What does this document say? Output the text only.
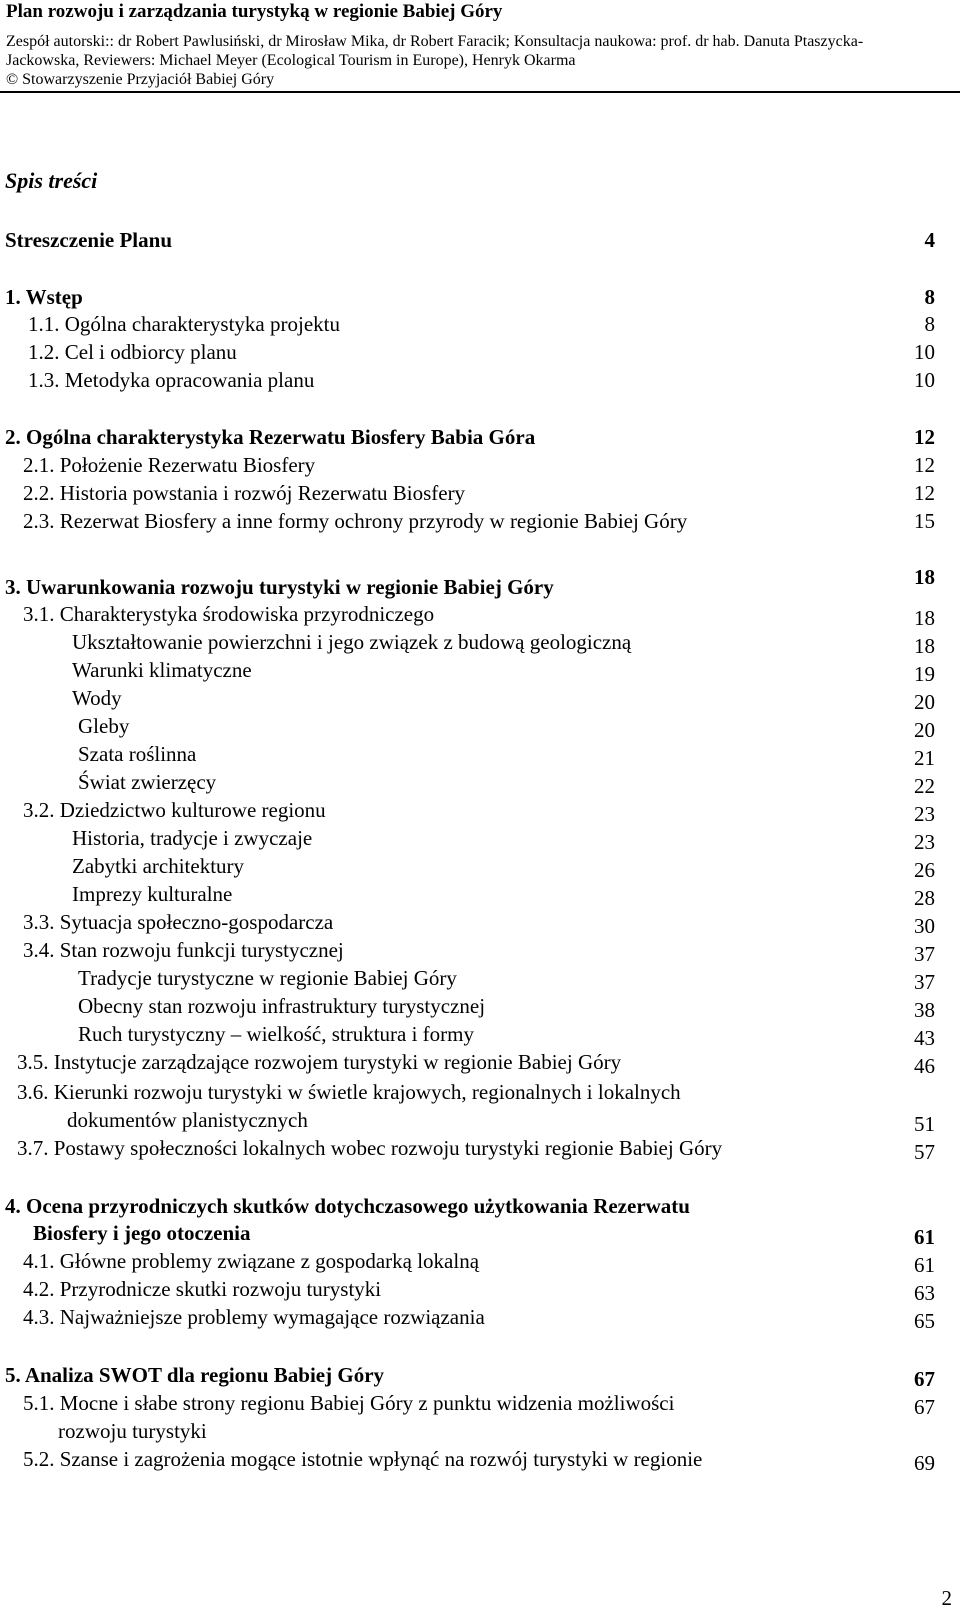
Plan rozwoju i zarządzania turystyką w regionie Babiej Góry
Zespół autorski:: dr Robert Pawlusiński, dr Mirosław Mika, dr Robert Faracik; Konsultacja naukowa: prof. dr hab. Danuta Ptaszycka-
Jackowska, Reviewers: Michael Meyer (Ecological Tourism in Europe), Henryk Okarma
© Stowarzyszenie Przyjaciół Babiej Góry
Spis treści
Streszczenie Planu	4
1. Wstęp	8
1.1. Ogólna charakterystyka projektu	8
1.2. Cel i odbiorcy planu	10
1.3. Metodyka opracowania planu	10
2. Ogólna charakterystyka Rezerwatu Biosfery Babia Góra	12
2.1. Położenie Rezerwatu Biosfery	12
2.2. Historia powstania i rozwój Rezerwatu Biosfery	12
2.3. Rezerwat Biosfery a inne formy ochrony przyrody w regionie Babiej Góry	15
3. Uwarunkowania rozwoju turystyki w regionie Babiej Góry	18
3.1. Charakterystyka środowiska przyrodniczego	18
Ukształtowanie powierzchni i jego związek z budową geologiczną	18
Warunki klimatyczne	19
Wody	20
Gleby	20
Szata roślinna	21
Świat zwierzęcy	22
3.2. Dziedzictwo kulturowe regionu	23
Historia, tradycje i zwyczaje	23
Zabytki architektury	26
Imprezy kulturalne	28
3.3. Sytuacja społeczno-gospodarcza	30
3.4. Stan rozwoju funkcji turystycznej	37
Tradycje turystyczne w regionie Babiej Góry	37
Obecny stan rozwoju infrastruktury turystycznej	38
Ruch turystyczny – wielkość, struktura i formy	43
3.5. Instytucje zarządzające rozwojem turystyki w regionie Babiej Góry	46
3.6. Kierunki rozwoju turystyki w świetle krajowych, regionalnych i lokalnych
dokumentów planistycznych	51
3.7. Postawy społeczności lokalnych wobec rozwoju turystyki regionie Babiej Góry	57
4. Ocena przyrodniczych skutków dotychczasowego użytkowania Rezerwatu
Biosfery i jego otoczenia	61
4.1. Główne problemy związane z gospodarką lokalną	61
4.2. Przyrodnicze skutki rozwoju turystyki	63
4.3. Najważniejsze problemy wymagające rozwiązania	65
5. Analiza SWOT dla regionu Babiej Góry	67
5.1. Mocne i słabe strony regionu Babiej Góry z punktu widzenia możliwości	67
rozwoju turystyki
5.2. Szanse i zagrożenia mogące istotnie wpłynąć na rozwój turystyki w regionie	69
2
